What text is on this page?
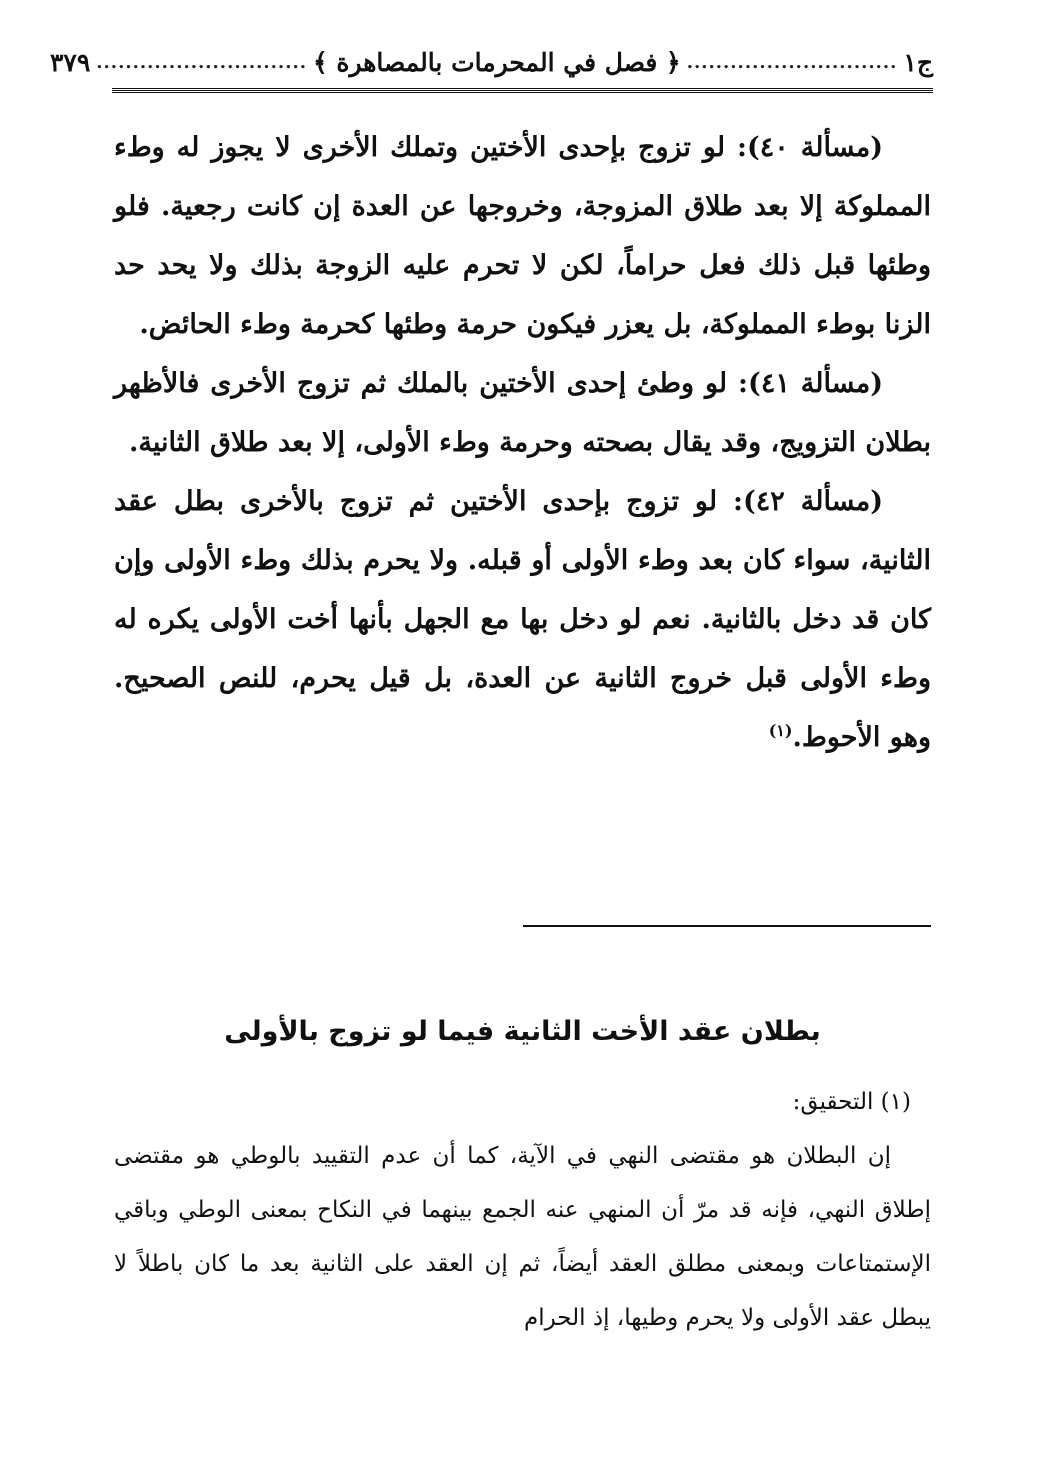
ج١
.............................
﴿ فصل في المحرمات بالمصاهرة ﴾
.............................
٣٧٩

(مسألة ٤٠): لو تزوج بإحدى الأختين وتملك الأخرى لا يجوز له وطء المملوكة إلا بعد طلاق المزوجة، وخروجها عن العدة إن كانت رجعية. فلو وطئها قبل ذلك فعل حراماً، لكن لا تحرم عليه الزوجة بذلك ولا يحد حد الزنا بوطء المملوكة، بل يعزر فيكون حرمة وطئها كحرمة وطء الحائض.

(مسألة ٤١): لو وطئ إحدى الأختين بالملك ثم تزوج الأخرى فالأظهر بطلان التزويج، وقد يقال بصحته وحرمة وطء الأولى، إلا بعد طلاق الثانية.

(مسألة ٤٢): لو تزوج بإحدى الأختين ثم تزوج بالأخرى بطل عقد الثانية، سواء كان بعد وطء الأولى أو قبله. ولا يحرم بذلك وطء الأولى وإن كان قد دخل بالثانية. نعم لو دخل بها مع الجهل بأنها أخت الأولى يكره له وطء الأولى قبل خروج الثانية عن العدة، بل قيل يحرم، للنص الصحيح. وهو الأحوط.$^{(١)}$

بطلان عقد الأخت الثانية فيما لو تزوج بالأولى
(١) التحقيق:

إن البطلان هو مقتضى النهي في الآية، كما أن عدم التقييد بالوطي هو مقتضى إطلاق النهي، فإنه قد مرّ أن المنهي عنه الجمع بينهما في النكاح بمعنى الوطي وباقي الإستمتاعات وبمعنى مطلق العقد أيضاً، ثم إن العقد على الثانية بعد ما كان باطلاً لا يبطل عقد الأولى ولا يحرم وطيها، إذ الحرام
